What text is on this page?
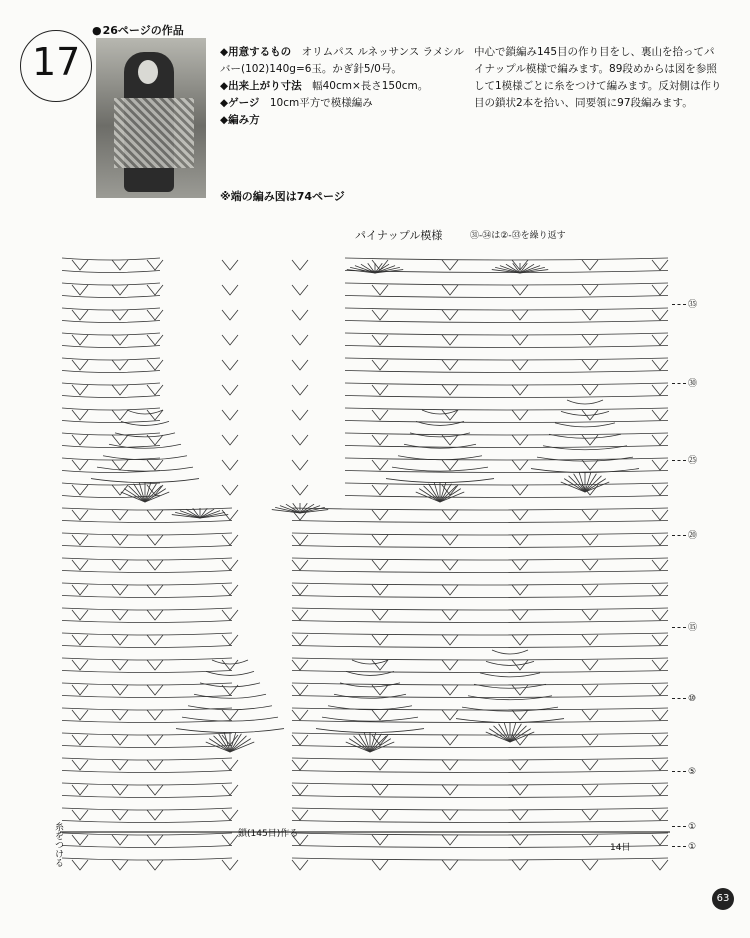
17
● 26ページの作品
◆ 用意するもの　 オリムパス ルネッサンス ラメシルバー(102)140g=6玉。かぎ針5/0号。
◆ 出来上がり寸法　 幅40cm×長さ150cm。
◆ ゲージ　 10cm平方で模様編み
◆ 編み方
中心で鎖編み145目の作り目をし、裏山を拾ってパイナップル模様で編みます。89段めからは図を参照して1模様ごとに糸をつけて編みます。反対側は作り目の鎖状2本を拾い、同要領に97段編みます。
※端の編み図は74ページ
パイナップル模様	㉛-㉞は②-㉝を繰り返す
糸をつける	鎖(145目)作る
14目
㉟
㉚
㉕
⑳
⑮
⑩
⑤
①
①
63
